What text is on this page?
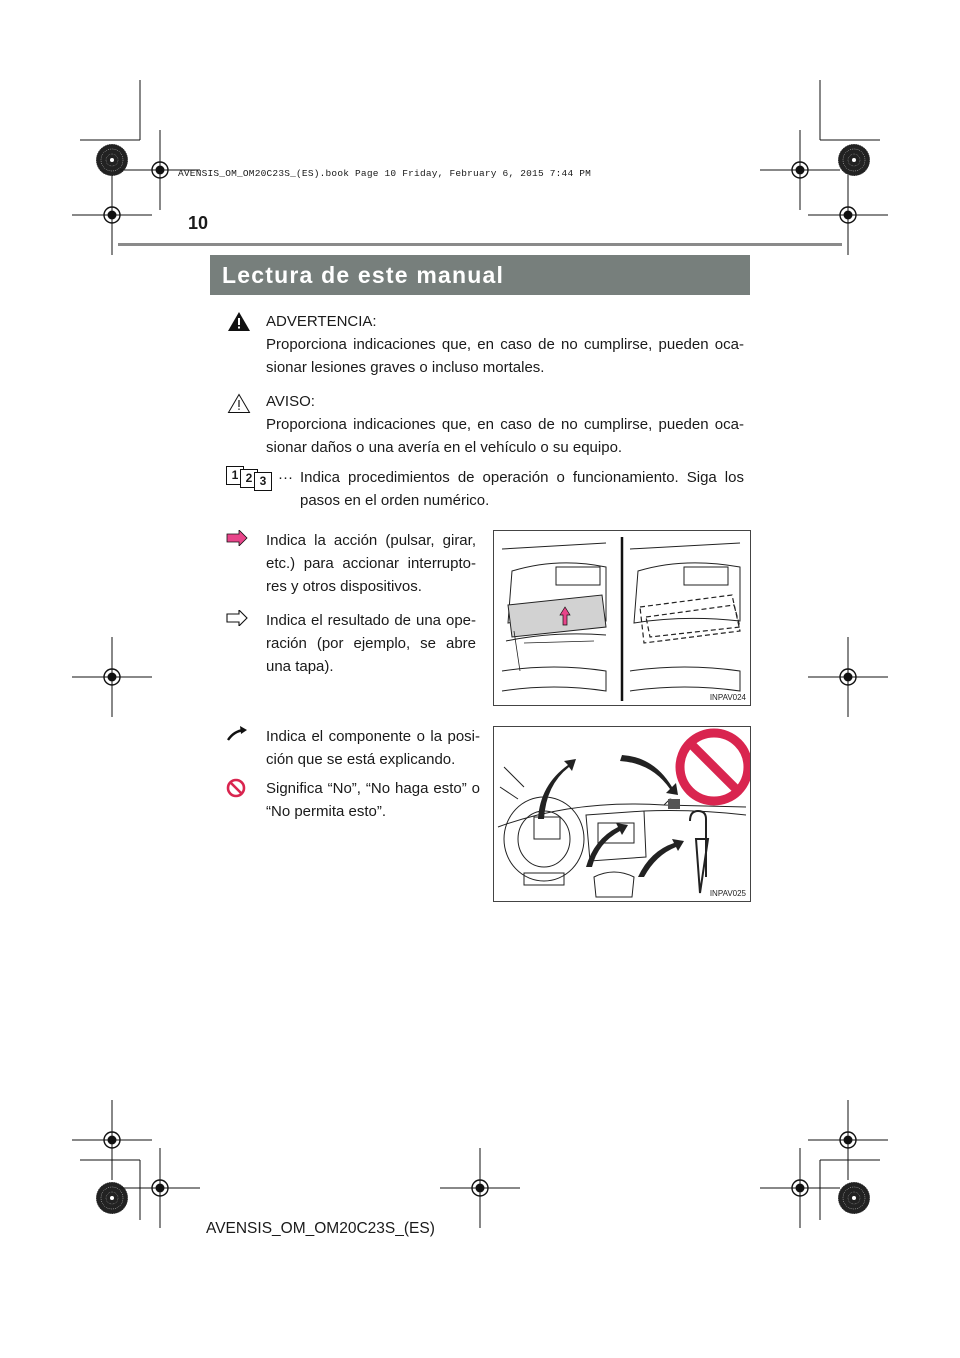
AVENSIS_OM_OM20C23S_(ES).book Page 10 Friday, February 6, 2015 7:44 PM
10
Lectura de este manual
ADVERTENCIA:
Proporciona indicaciones que, en caso de no cumplirse, pueden oca-sionar lesiones graves o incluso mortales.
AVISO:
Proporciona indicaciones que, en caso de no cumplirse, pueden oca-sionar daños o una avería en el vehículo o su equipo.
1 2 3 ··· Indica procedimientos de operación o funcionamiento. Siga los pasos en el orden numérico.
Indica la acción (pulsar, girar, etc.) para accionar interrupto-res y otros dispositivos.
Indica el resultado de una ope-ración (por ejemplo, se abre una tapa).
INPAV024
Indica el componente o la posi-ción que se está explicando.
Significa “No”, “No haga esto” o “No permita esto”.
INPAV025
AVENSIS_OM_OM20C23S_(ES)
